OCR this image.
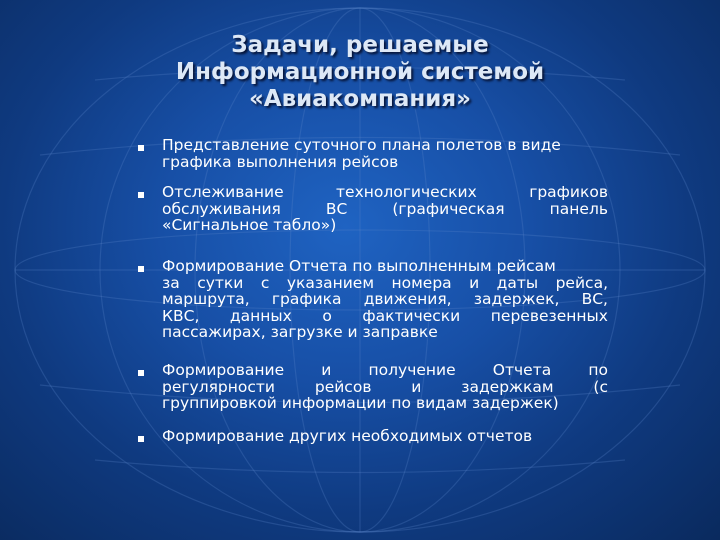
Задачи, решаемые
Информационной системой
«Авиакомпания»
Представление суточного плана полетов в виде
графика выполнения рейсов
Отслеживание	технологических	графиков
обслуживания	ВС	(графическая	панель
«Сигнальное табло»)
Формирование Отчета по выполненным рейсам
за сутки с указанием номера и даты рейса,
маршрута, графика движения, задержек, ВС,
КВС, данных о фактически перевезенных
пассажирах, загрузке и заправке
Формирование и получение Отчета по
регулярности	рейсов	и	задержкам	(с
группировкой информации по видам задержек)
Формирование других необходимых отчетов
